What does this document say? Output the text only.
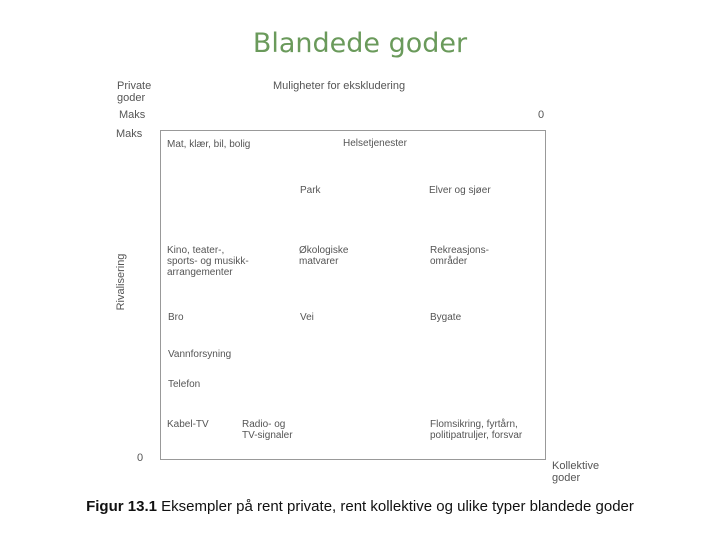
Blandede goder
Private
goder
Muligheter for ekskludering
Maks	0
Maks
0
Rivalisering
Kollektive
goder
Mat, klær, bil, bolig	Helsetjenester
Park	Elver og sjøer
Kino, teater-,
sports- og musikk-
arrangementer
Økologiske
matvarer
Rekreasjons-
områder
Bro	Vei	Bygate
Vannforsyning
Telefon
Kabel-TV	Radio- og
TV-signaler
Flomsikring, fyrtårn,
politipatruljer, forsvar
Figur 13.1 Eksempler på rent private, rent kollektive og ulike typer blandede goder
